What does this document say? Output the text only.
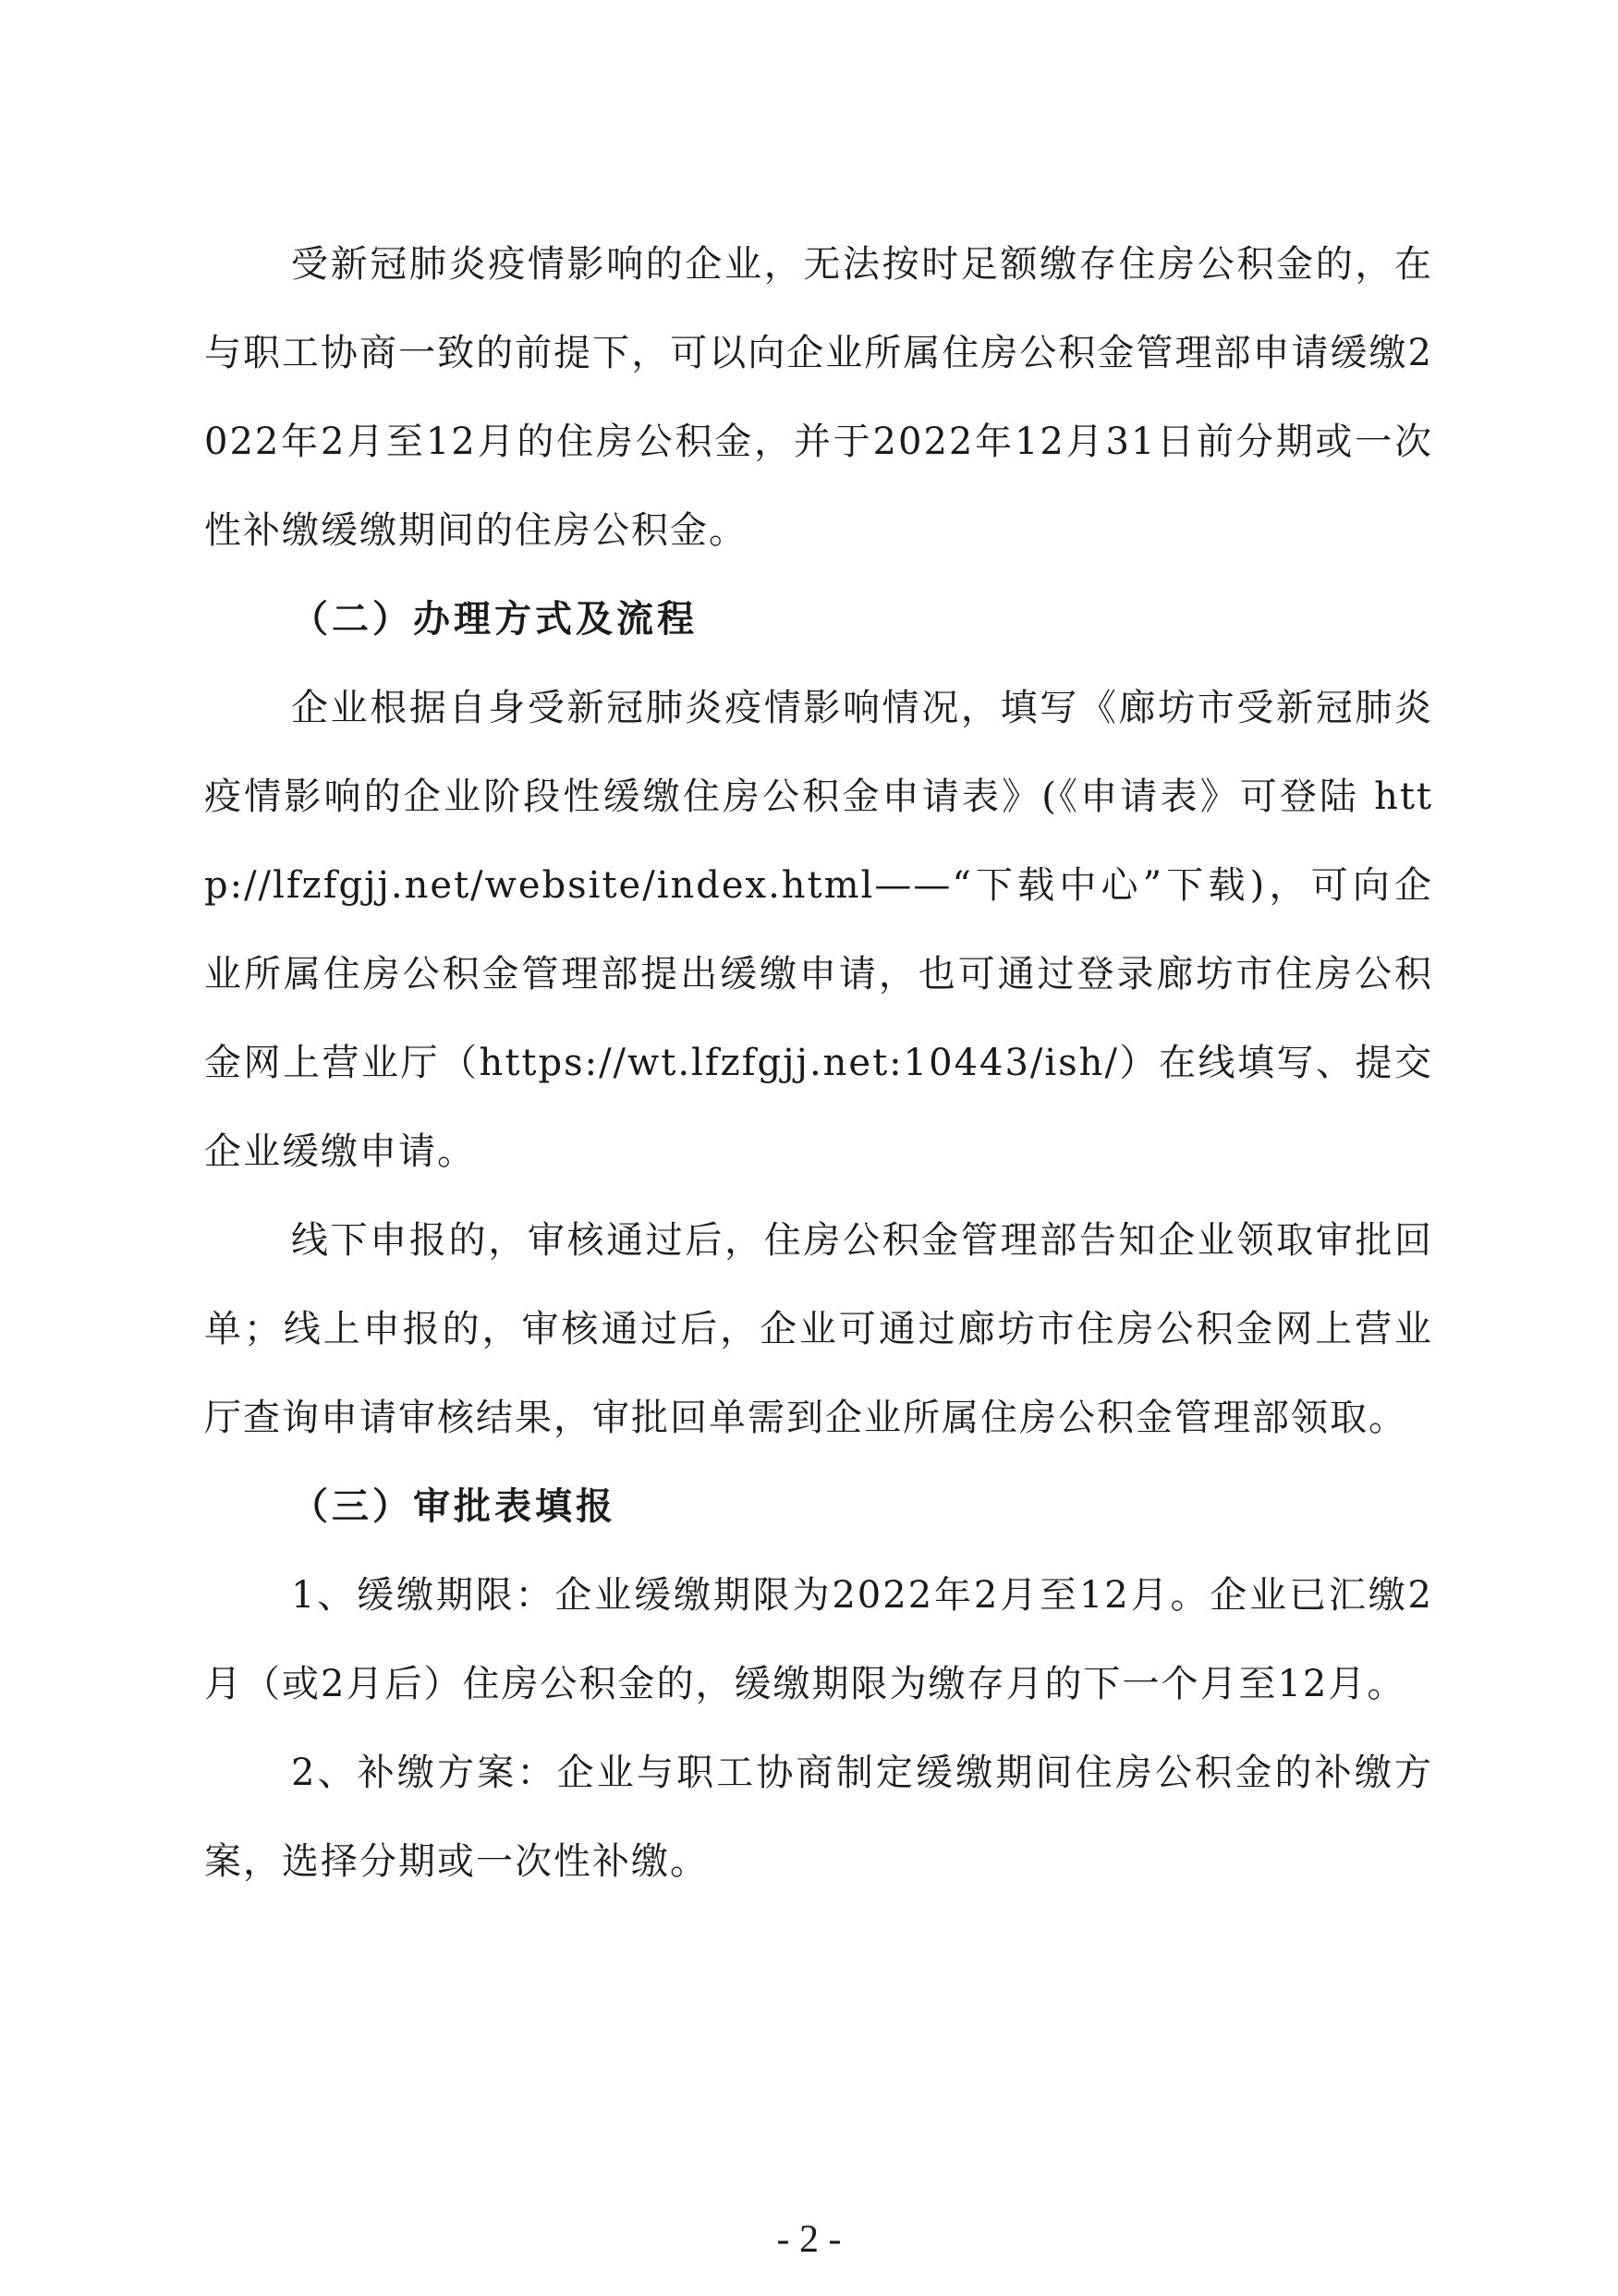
受新冠肺炎疫情影响的企业，无法按时足额缴存住房公积金的，在与职工协商一致的前提下，可以向企业所属住房公积金管理部申请缓缴2022年2月至12月的住房公积金，并于2022年12月31日前分期或一次性补缴缓缴期间的住房公积金。

（二）办理方式及流程

企业根据自身受新冠肺炎疫情影响情况，填写《廊坊市受新冠肺炎疫情影响的企业阶段性缓缴住房公积金申请表》(《申请表》可登陆 http://lfzfgjj.net/website/index.html——“下载中心”下载)，可向企业所属住房公积金管理部提出缓缴申请，也可通过登录廊坊市住房公积金网上营业厅（https://wt.lfzfgjj.net:10443/ish/）在线填写、提交企业缓缴申请。

线下申报的，审核通过后，住房公积金管理部告知企业领取审批回单；线上申报的，审核通过后，企业可通过廊坊市住房公积金网上营业厅查询申请审核结果，审批回单需到企业所属住房公积金管理部领取。

（三）审批表填报

1、缓缴期限：企业缓缴期限为2022年2月至12月。企业已汇缴2月（或2月后）住房公积金的，缓缴期限为缴存月的下一个月至12月。

2、补缴方案：企业与职工协商制定缓缴期间住房公积金的补缴方案，选择分期或一次性补缴。

- 2 -
